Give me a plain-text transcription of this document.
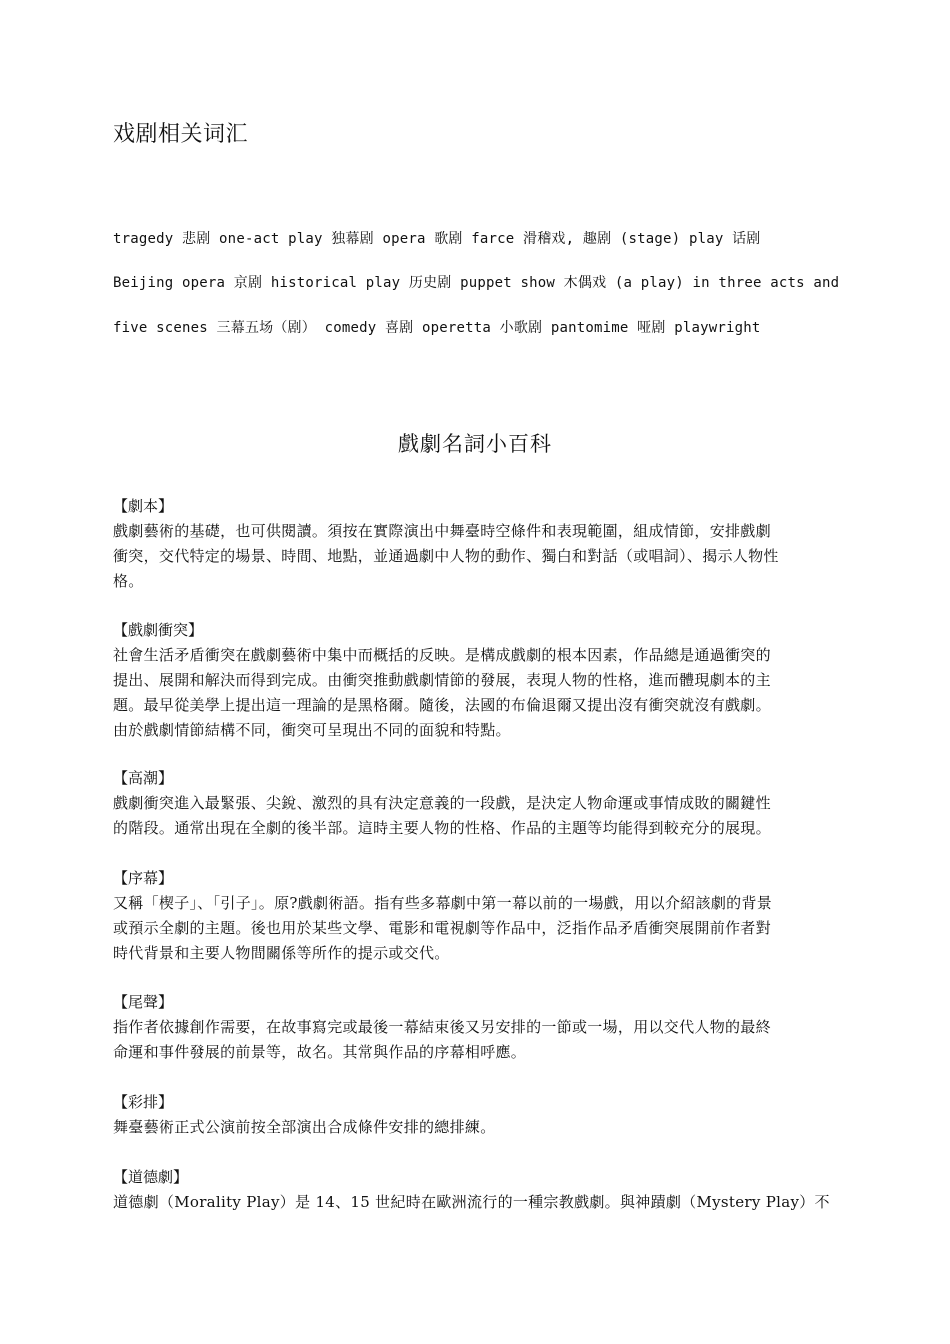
戏剧相关词汇
tragedy 悲剧 one-act play 独幕剧 opera 歌剧 farce 滑稽戏, 趣剧 (stage) play 话剧
Beijing opera 京剧 historical play 历史剧 puppet show 木偶戏 (a play) in three acts and
five scenes 三幕五场（剧） comedy 喜剧 operetta 小歌剧 pantomime 哑剧 playwright
戲劇名詞小百科
【劇本】
戲劇藝術的基礎，也可供閱讀。須按在實際演出中舞臺時空條件和表現範圍，組成情節，安排戲劇
衝突，交代特定的場景、時間、地點，並通過劇中人物的動作、獨白和對話（或唱詞）、揭示人物性
格。
【戲劇衝突】
社會生活矛盾衝突在戲劇藝術中集中而概括的反映。是構成戲劇的根本因素，作品總是通過衝突的
提出、展開和解決而得到完成。由衝突推動戲劇情節的發展，表現人物的性格，進而體現劇本的主
題。最早從美學上提出這一理論的是黑格爾。隨後，法國的布倫退爾又提出沒有衝突就沒有戲劇。
由於戲劇情節結構不同，衝突可呈現出不同的面貌和特點。
【高潮】
戲劇衝突進入最緊張、尖銳、激烈的具有決定意義的一段戲，是決定人物命運或事情成敗的關鍵性
的階段。通常出現在全劇的後半部。這時主要人物的性格、作品的主題等均能得到較充分的展現。
【序幕】
又稱「楔子」、「引子」。原?戲劇術語。指有些多幕劇中第一幕以前的一場戲，用以介紹該劇的背景
或預示全劇的主題。後也用於某些文學、電影和電視劇等作品中，泛指作品矛盾衝突展開前作者對
時代背景和主要人物間關係等所作的提示或交代。
【尾聲】
指作者依據創作需要，在故事寫完或最後一幕結束後又另安排的一節或一場，用以交代人物的最終
命運和事件發展的前景等，故名。其常與作品的序幕相呼應。
【彩排】
舞臺藝術正式公演前按全部演出合成條件安排的總排練。
【道德劇】
道德劇（Morality Play）是 14、15 世紀時在歐洲流行的一種宗教戲劇。與神蹟劇（Mystery Play）不
